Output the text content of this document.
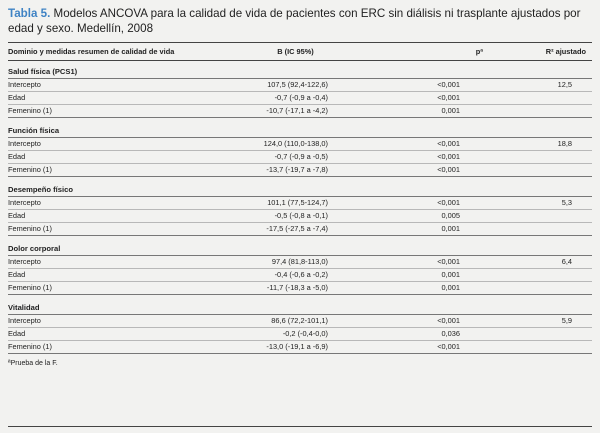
Tabla 5. Modelos ANCOVA para la calidad de vida de pacientes con ERC sin diálisis ni trasplante ajustados por edad y sexo. Medellín, 2008
Dominio y medidas resumen de calidad de vida	B (IC 95%)	pª	R² ajustado
Salud física (PCS1)
Intercepto	107,5 (92,4-122,6)	<0,001	12,5
Edad	-0,7 (-0,9 a -0,4)	<0,001
Femenino (1)	-10,7 (-17,1 a -4,2)	0,001
Función física
Intercepto	124,0 (110,0-138,0)	<0,001	18,8
Edad	-0,7 (-0,9 a -0,5)	<0,001
Femenino (1)	-13,7 (-19,7 a -7,8)	<0,001
Desempeño físico
Intercepto	101,1 (77,5-124,7)	<0,001	5,3
Edad	-0,5 (-0,8 a -0,1)	0,005
Femenino (1)	-17,5 (-27,5 a -7,4)	0,001
Dolor corporal
Intercepto	97,4 (81,8-113,0)	<0,001	6,4
Edad	-0,4 (-0,6 a -0,2)	0,001
Femenino (1)	-11,7 (-18,3 a -5,0)	0,001
Vitalidad
Intercepto	86,6 (72,2-101,1)	<0,001	5,9
Edad	-0,2 (-0,4-0,0)	0,036
Femenino (1)	-13,0 (-19,1 a -6,9)	<0,001
ªPrueba de la F.
